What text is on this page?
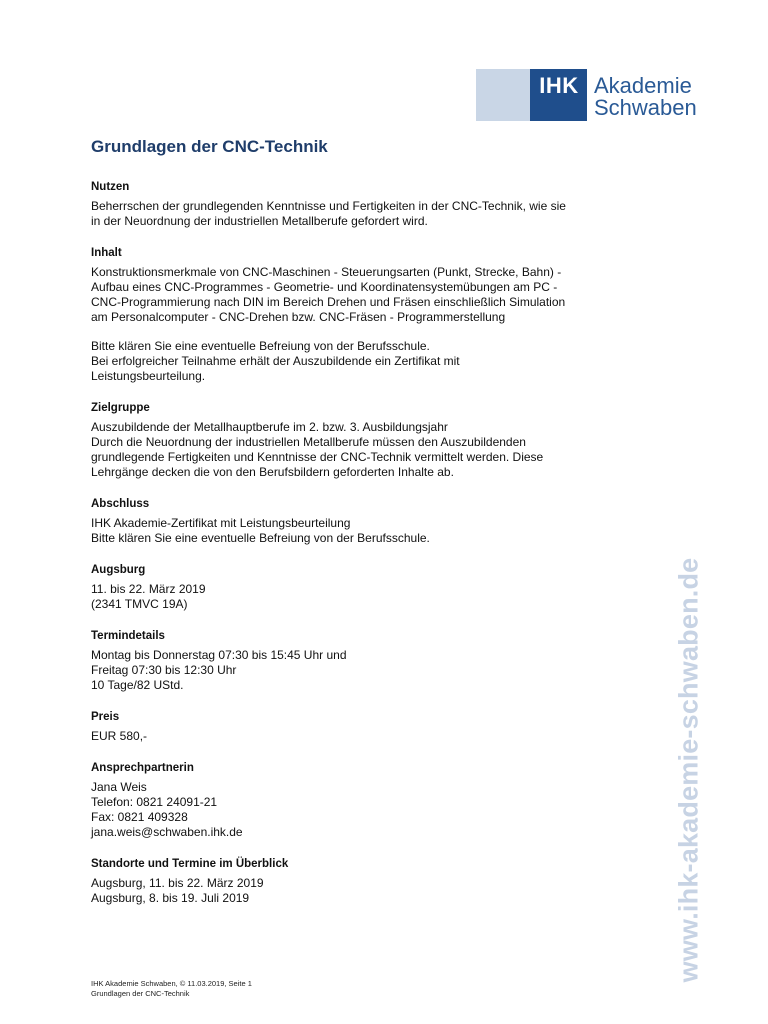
IHK Akademie
Schwaben
Grundlagen der CNC-Technik
Nutzen

Beherrschen der grundlegenden Kenntnisse und Fertigkeiten in der CNC-Technik, wie sie
in der Neuordnung der industriellen Metallberufe gefordert wird.

Inhalt

Konstruktionsmerkmale von CNC-Maschinen - Steuerungsarten (Punkt, Strecke, Bahn) -
Aufbau eines CNC-Programmes - Geometrie- und Koordinatensystemübungen am PC -
CNC-Programmierung nach DIN im Bereich Drehen und Fräsen einschließlich Simulation
am Personalcomputer - CNC-Drehen bzw. CNC-Fräsen - Programmerstellung

Bitte klären Sie eine eventuelle Befreiung von der Berufsschule.
Bei erfolgreicher Teilnahme erhält der Auszubildende ein Zertifikat mit
Leistungsbeurteilung.

Zielgruppe

Auszubildende der Metallhauptberufe im 2. bzw. 3. Ausbildungsjahr
Durch die Neuordnung der industriellen Metallberufe müssen den Auszubildenden
grundlegende Fertigkeiten und Kenntnisse der CNC-Technik vermittelt werden. Diese
Lehrgänge decken die von den Berufsbildern geforderten Inhalte ab.

Abschluss

IHK Akademie-Zertifikat mit Leistungsbeurteilung
Bitte klären Sie eine eventuelle Befreiung von der Berufsschule.

Augsburg

11. bis 22. März 2019
(2341 TMVC 19A)

Termindetails

Montag bis Donnerstag 07:30 bis 15:45 Uhr und
Freitag 07:30 bis 12:30 Uhr
10 Tage/82 UStd.

Preis

EUR 580,-

Ansprechpartnerin

Jana Weis
Telefon: 0821 24091-21
Fax: 0821 409328
jana.weis@schwaben.ihk.de

Standorte und Termine im Überblick

Augsburg, 11. bis 22. März 2019
Augsburg, 8. bis 19. Juli 2019	www.ihk-akademie-schwaben.de
IHK Akademie Schwaben, © 11.03.2019, Seite 1
Grundlagen der CNC-Technik
